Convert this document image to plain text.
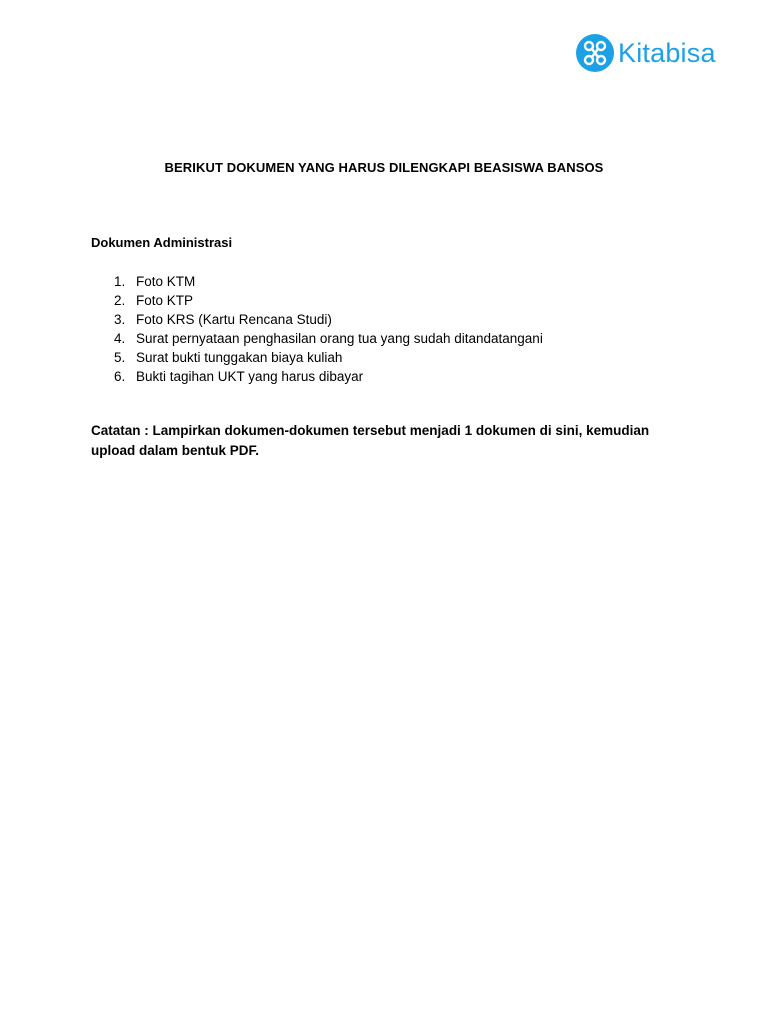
Kitabisa
BERIKUT DOKUMEN YANG HARUS DILENGKAPI BEASISWA BANSOS
Dokumen Administrasi
1. Foto KTM
2. Foto KTP
3. Foto KRS (Kartu Rencana Studi)
4. Surat pernyataan penghasilan orang tua yang sudah ditandatangani
5. Surat bukti tunggakan biaya kuliah
6. Bukti tagihan UKT yang harus dibayar
Catatan : Lampirkan dokumen-dokumen tersebut menjadi 1 dokumen di sini, kemudian
upload dalam bentuk PDF.
